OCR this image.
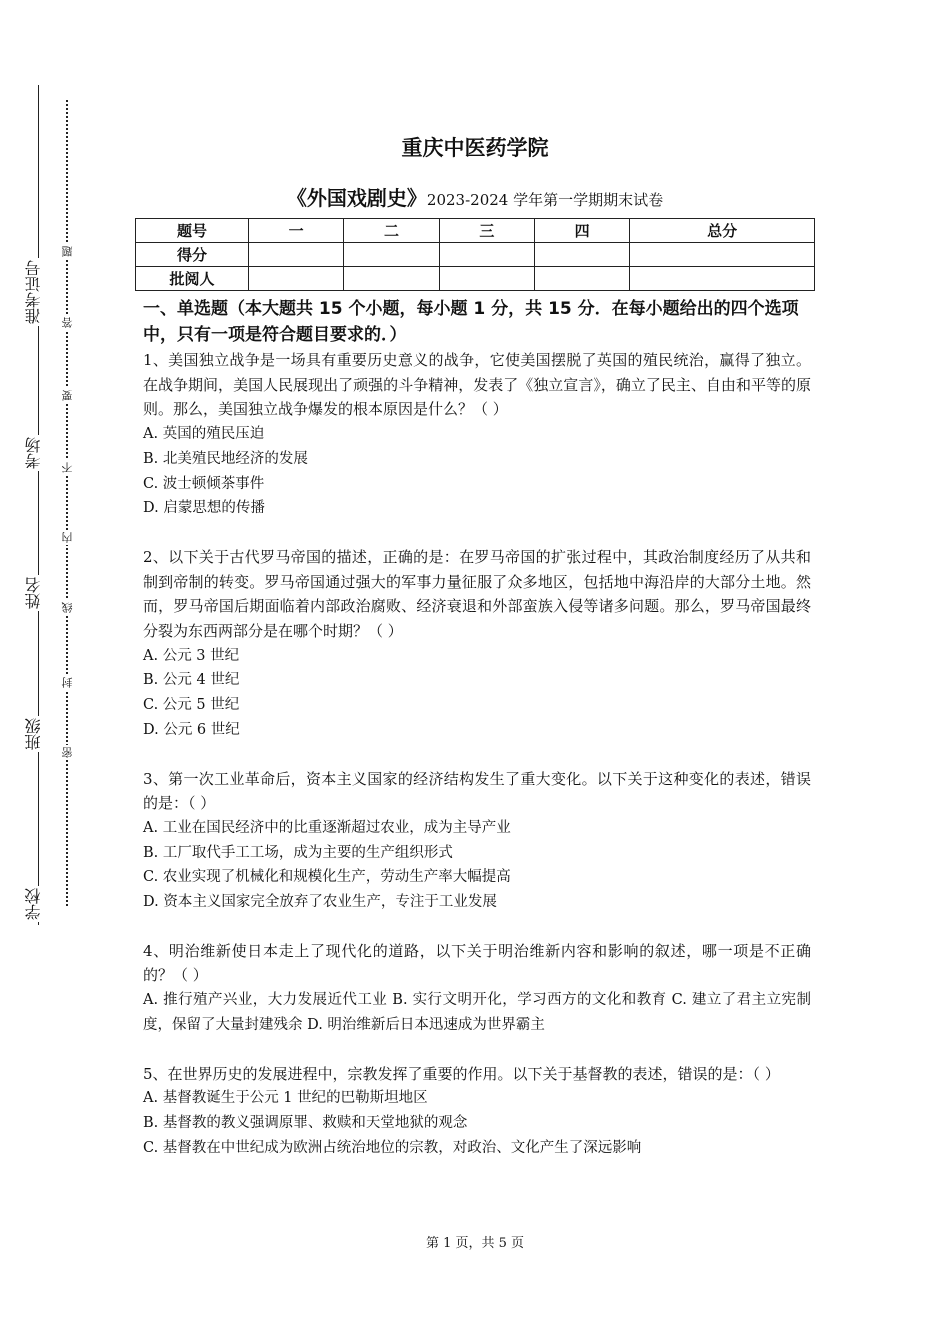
准考证号
考场
姓名
班级
学校
题
答
要
不
内
线
封
密
重庆中医药学院
《外国戏剧史》2023-2024 学年第一学期期末试卷
题号	一	二	三	四	总分
得分					
批阅人					

一、单选题（本大题共 15 个小题，每小题 1 分，共 15 分．在每小题给出的四个选项中，只有一项是符合题目要求的．）

1、美国独立战争是一场具有重要历史意义的战争，它使美国摆脱了英国的殖民统治，赢得了独立。在战争期间，美国人民展现出了顽强的斗争精神，发表了《独立宣言》，确立了民主、自由和平等的原则。那么，美国独立战争爆发的根本原因是什么？（ ）

A. 英国的殖民压迫

B. 北美殖民地经济的发展

C. 波士顿倾茶事件

D. 启蒙思想的传播

2、以下关于古代罗马帝国的描述，正确的是：在罗马帝国的扩张过程中，其政治制度经历了从共和制到帝制的转变。罗马帝国通过强大的军事力量征服了众多地区，包括地中海沿岸的大部分土地。然而，罗马帝国后期面临着内部政治腐败、经济衰退和外部蛮族入侵等诸多问题。那么，罗马帝国最终分裂为东西两部分是在哪个时期？（ ）

A. 公元 3 世纪

B. 公元 4 世纪

C. 公元 5 世纪

D. 公元 6 世纪

3、第一次工业革命后，资本主义国家的经济结构发生了重大变化。以下关于这种变化的表述，错误的是：（ ）

A. 工业在国民经济中的比重逐渐超过农业，成为主导产业

B. 工厂取代手工工场，成为主要的生产组织形式

C. 农业实现了机械化和规模化生产，劳动生产率大幅提高

D. 资本主义国家完全放弃了农业生产，专注于工业发展

4、明治维新使日本走上了现代化的道路，以下关于明治维新内容和影响的叙述，哪一项是不正确的？（ ）

A. 推行殖产兴业，大力发展近代工业 B. 实行文明开化，学习西方的文化和教育 C. 建立了君主立宪制度，保留了大量封建残余 D. 明治维新后日本迅速成为世界霸主

5、在世界历史的发展进程中，宗教发挥了重要的作用。以下关于基督教的表述，错误的是：（ ）

A. 基督教诞生于公元 1 世纪的巴勒斯坦地区

B. 基督教的教义强调原罪、救赎和天堂地狱的观念

C. 基督教在中世纪成为欧洲占统治地位的宗教，对政治、文化产生了深远影响

第 1 页，共 5 页
